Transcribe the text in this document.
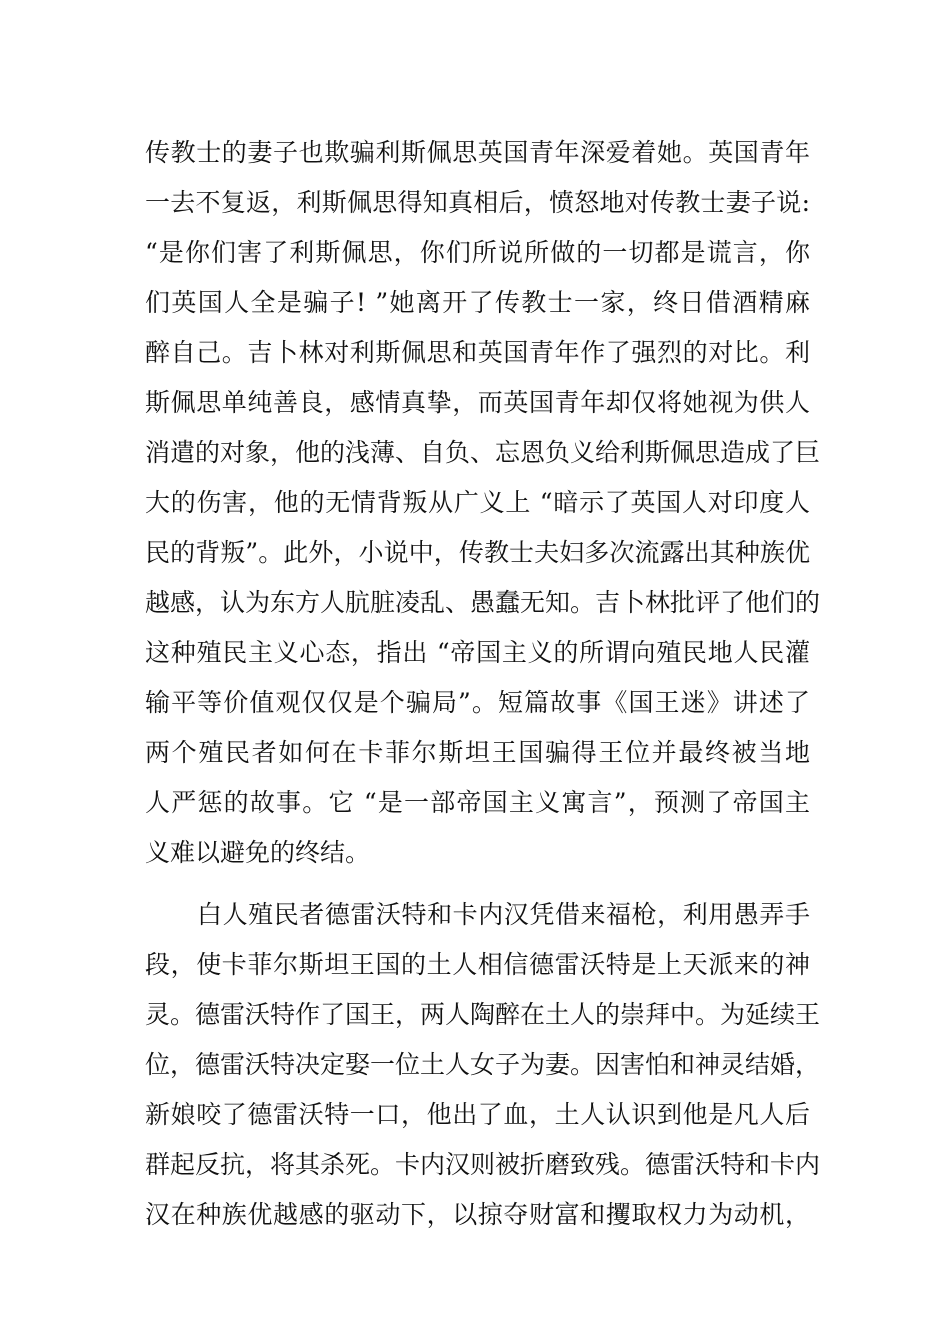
传教士的妻子也欺骗利斯佩思英国青年深爱着她。英国青年
一去不复返，利斯佩思得知真相后，愤怒地对传教士妻子说:
“是你们害了利斯佩思，你们所说所做的一切都是谎言，你
们英国人全是骗子! ”她离开了传教士一家，终日借酒精麻
醉自己。吉卜林对利斯佩思和英国青年作了强烈的对比。利
斯佩思单纯善良，感情真挚，而英国青年却仅将她视为供人
消遣的对象，他的浅薄、自负、忘恩负义给利斯佩思造成了巨
大的伤害，他的无情背叛从广义上 “暗示了英国人对印度人
民的背叛”。此外，小说中，传教士夫妇多次流露出其种族优
越感，认为东方人肮脏凌乱、愚蠢无知。吉卜林批评了他们的
这种殖民主义心态，指出 “帝国主义的所谓向殖民地人民灌
输平等价值观仅仅是个骗局”。短篇故事《国王迷》讲述了
两个殖民者如何在卡菲尔斯坦王国骗得王位并最终被当地
人严惩的故事。它 “是一部帝国主义寓言”，预测了帝国主
义难以避免的终结。
白人殖民者德雷沃特和卡内汉凭借来福枪，利用愚弄手
段，使卡菲尔斯坦王国的土人相信德雷沃特是上天派来的神
灵。德雷沃特作了国王，两人陶醉在土人的崇拜中。为延续王
位，德雷沃特决定娶一位土人女子为妻。因害怕和神灵结婚，
新娘咬了德雷沃特一口，他出了血，土人认识到他是凡人后
群起反抗，将其杀死。卡内汉则被折磨致残。德雷沃特和卡内
汉在种族优越感的驱动下，以掠夺财富和攫取权力为动机，
